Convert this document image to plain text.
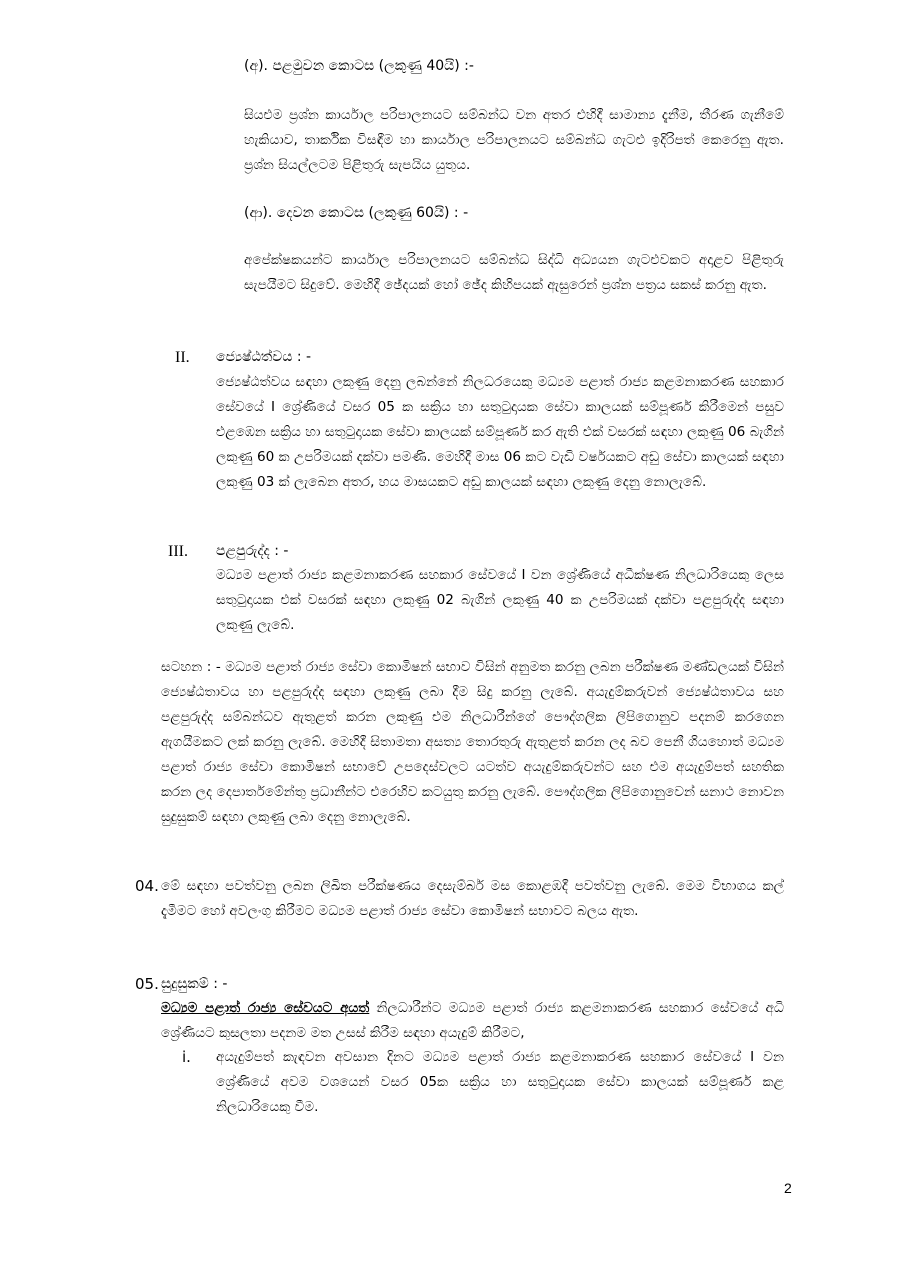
(අ). පළමුවන කොටස (ලකුණු 40යි) :-
සියළුම ප්‍රශ්න කාර්යාල පරිපාලනයට සම්බන්ධ වන අතර එහිදී සාමාන්‍ය දැනීම, තීරණ ගැනීමේ හැකියාව, තාර්කික විසඳීම හා කාර්යාල පරිපාලනයට සම්බන්ධ ගැටළු ඉදිරිපත් කෙරෙනු ඇත. ප්‍රශ්න සියල්ලටම පිළිතුරු සැපයිය යුතුය.
(ආ). දෙවන කොටස (ලකුණු 60යි) : -
අපේක්ෂකයන්ට කාර්යාල පරිපාලනයට සම්බන්ධ සිද්ධි අධ්‍යයන ගැටළුවකට අදාළව පිළිතුරු සැපයීමට සිදුවේ. මෙහිදී ඡේදයක් හෝ ඡේද කිහිපයක් ඇසුරෙන් ප්‍රශ්න පත්‍රය සකස් කරනු ඇත.
II. ජ්‍යෙෂ්ඨත්වය : -
ජ්‍යෙෂ්ඨත්වය සඳහා ලකුණු දෙනු ලබන්නේ නිලධරයෙකු මධ්‍යම පළාත් රාජ්‍ය කළමනාකරණ සහකාර සේවයේ I ශ්‍රේණියේ වසර 05 ක සක්‍රිය හා සතුටුදායක සේවා කාලයක් සම්පූර්ණ කිරීමෙන් පසුව එළඹෙන සක්‍රිය හා සතුටුදායක සේවා කාලයක් සම්පූර්ණ කර ඇති එක් වසරක් සඳහා ලකුණු 06 බැගින් ලකුණු 60 ක උපරිමයක් දක්වා පමණි. මෙහිදී මාස 06 කට වැඩි වර්ෂයකට අඩු සේවා කාලයක් සඳහා ලකුණු 03 ක් ලැබෙන අතර, හය මාසයකට අඩු කාලයක් සඳහා ලකුණු දෙනු නොලැබේ.
III. පළපුරුද්ද : -
මධ්‍යම පළාත් රාජ්‍ය කළමනාකරණ සහකාර සේවයේ I වන ශ්‍රේණියේ අධීක්ෂණ නිලධාරියෙකු ලෙස සතුටුදායක එක් වසරක් සඳහා ලකුණු 02 බැගින් ලකුණු 40 ක උපරිමයක් දක්වා පළපුරුද්ද සඳහා ලකුණු ලැබේ.
සටහන : - මධ්‍යම පළාත් රාජ්‍ය සේවා කොමිෂන් සභාව විසින් අනුමත කරනු ලබන පරීක්ෂණ මණ්ඩලයක් විසින් ජ්‍යෙෂ්ඨතාවය හා පළපුරුද්ද සඳහා ලකුණු ලබා දීම සිදු කරනු ලැබේ. අයැදුම්කරුවන් ජ්‍යෙෂ්ඨතාවය සහ පළපුරුද්ද සම්බන්ධව ඇතුළත් කරන ලකුණු එම නිලධාරීන්ගේ පෞද්ගලික ලිපිගොනුව පදනම් කරගෙන ඇගයීමකට ලක් කරනු ලැබේ. මෙහිදී සිතාමතා අසත්‍ය තොරතුරු ඇතුළත් කරන ලද බව පෙනී ගියහොත් මධ්‍යම පළාත් රාජ්‍ය සේවා කොමිෂන් සභාවේ උපදෙස්වලට යටත්ව අයැදුම්කරුවන්ට සහ එම අයැදුම්පත් සහතික කරන ලද දෙපාර්තමේන්තු ප්‍රධානීන්ට එරෙහිව කටයුතු කරනු ලැබේ. පෞද්ගලික ලිපිගොනුවෙන් සනාථ නොවන සුදුසුකම් සඳහා ලකුණු ලබා දෙනු නොලැබේ.
04. මේ සඳහා පවත්වනු ලබන ලිඛිත පරීක්ෂණය දෙසැම්බර් මස කොළඹදී පවත්වනු ලැබේ. මෙම විභාගය කල් දැමීමට හෝ අවලංගු කිරීමට මධ්‍යම පළාත් රාජ්‍ය සේවා කොමිෂන් සභාවට බලය ඇත.
05. සුදුසුකම් : -
මධ්‍යම පළාත් රාජ්‍ය සේවයට අයත් නිලධාරීන්ට මධ්‍යම පළාත් රාජ්‍ය කළමනාකරණ සහකාර සේවයේ අධි ශ්‍රේණියට කුසලතා පදනම මත උසස් කිරීම සඳහා අයැදුම් කිරීමට,
i. අයැදුම්පත් කැඳවන අවසාන දිනට මධ්‍යම පළාත් රාජ්‍ය කළමනාකරණ සහකාර සේවයේ I වන ශ්‍රේණියේ අවම වශයෙන් වසර 05ක සක්‍රිය හා සතුටුදායක සේවා කාලයක් සම්පූර්ණ කළ නිලධාරියෙකු වීම.
2
